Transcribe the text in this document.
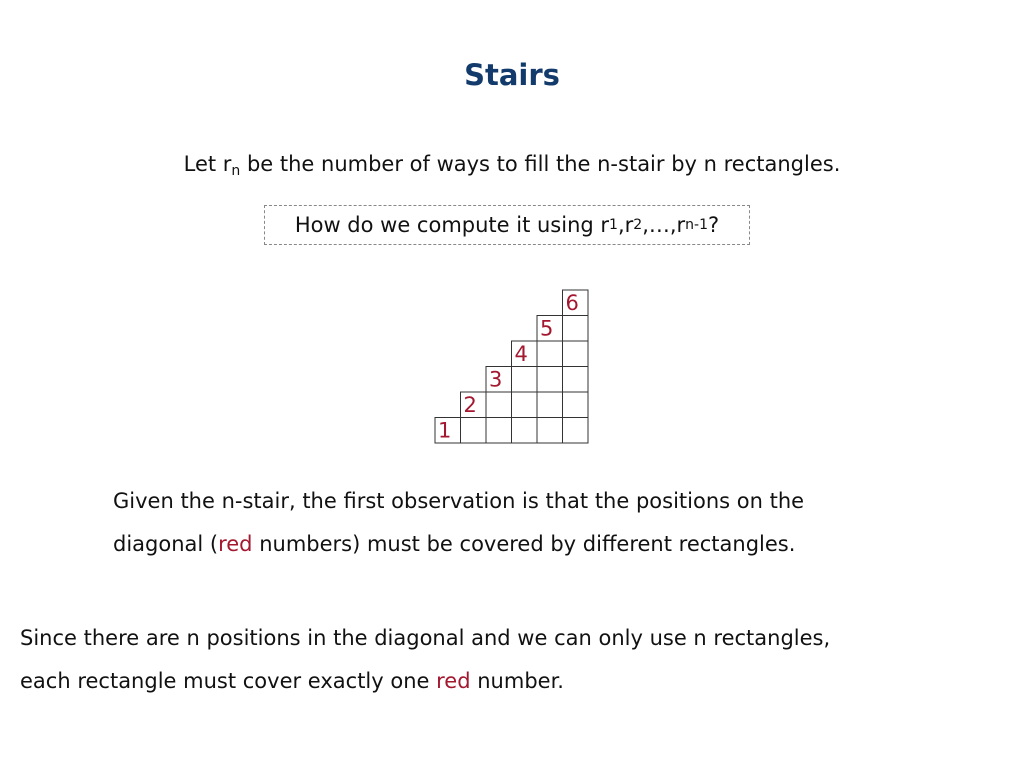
Stairs
Let $r_n$ be the number of ways to fill the n-stair by n rectangles.
How do we compute it using r 1 ,r 2 ,…,r n-1 ?
1
2
3
4
5
6
Given the n-stair, the first observation is that the positions on the
diagonal (red numbers) must be covered by different rectangles.
Since there are n positions in the diagonal and we can only use n rectangles,
each rectangle must cover exactly one red number.
